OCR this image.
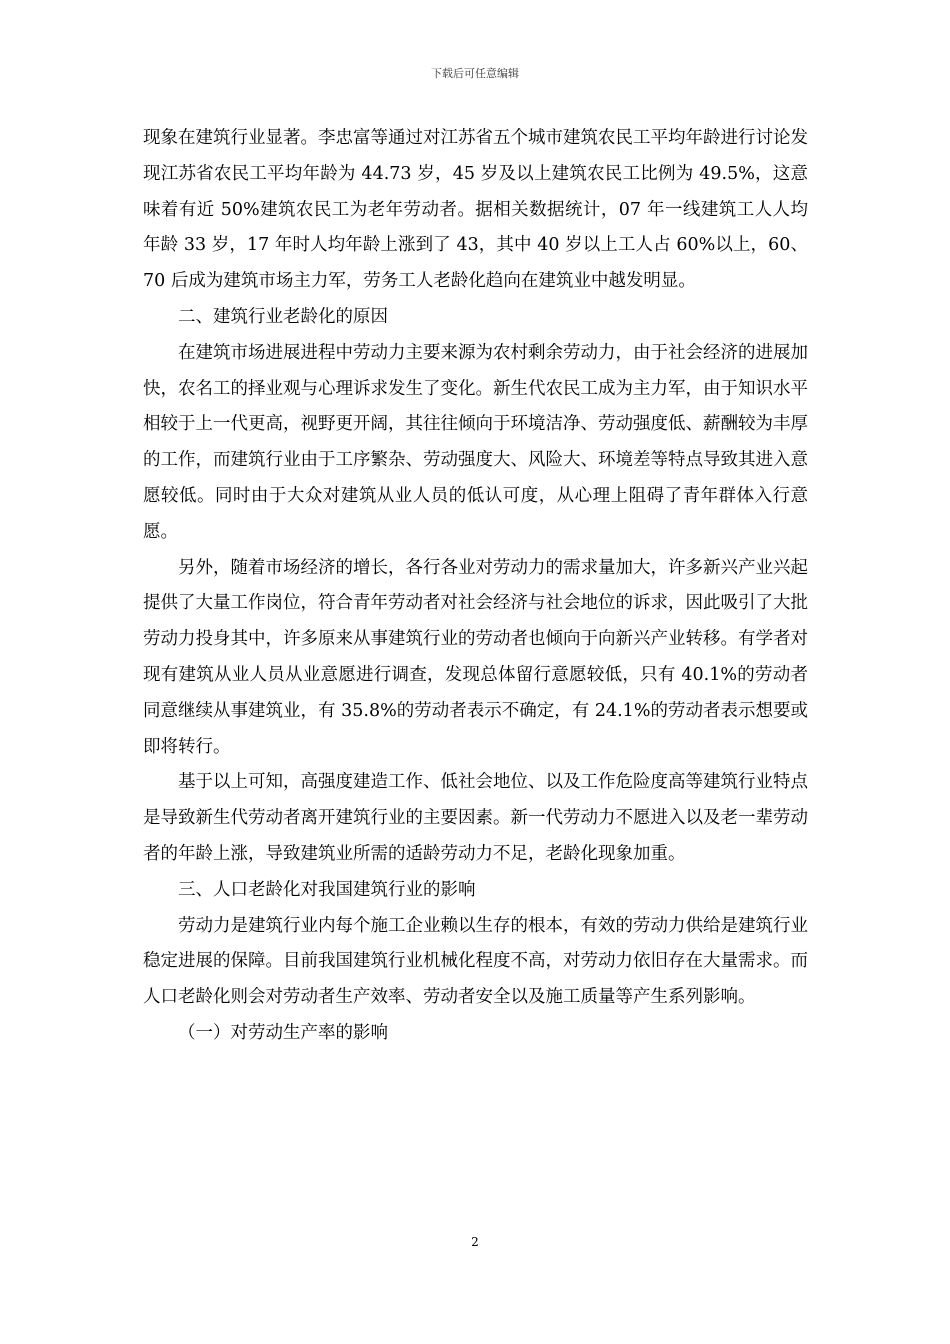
下载后可任意编辑

现象在建筑行业显著。李忠富等通过对江苏省五个城市建筑农民工平均年龄进行讨论发现江苏省农民工平均年龄为 44.73 岁，45 岁及以上建筑农民工比例为 49.5%，这意味着有近 50%建筑农民工为老年劳动者。据相关数据统计，07 年一线建筑工人人均年龄 33 岁，17 年时人均年龄上涨到了 43，其中 40 岁以上工人占 60%以上，60、70 后成为建筑市场主力军，劳务工人老龄化趋向在建筑业中越发明显。

二、建筑行业老龄化的原因

在建筑市场进展进程中劳动力主要来源为农村剩余劳动力，由于社会经济的进展加快，农名工的择业观与心理诉求发生了变化。新生代农民工成为主力军，由于知识水平相较于上一代更高，视野更开阔，其往往倾向于环境洁净、劳动强度低、薪酬较为丰厚的工作，而建筑行业由于工序繁杂、劳动强度大、风险大、环境差等特点导致其进入意愿较低。同时由于大众对建筑从业人员的低认可度，从心理上阻碍了青年群体入行意愿。

另外，随着市场经济的增长，各行各业对劳动力的需求量加大，许多新兴产业兴起提供了大量工作岗位，符合青年劳动者对社会经济与社会地位的诉求，因此吸引了大批劳动力投身其中，许多原来从事建筑行业的劳动者也倾向于向新兴产业转移。有学者对现有建筑从业人员从业意愿进行调查，发现总体留行意愿较低，只有 40.1%的劳动者同意继续从事建筑业，有 35.8%的劳动者表示不确定，有 24.1%的劳动者表示想要或即将转行。

基于以上可知，高强度建造工作、低社会地位、以及工作危险度高等建筑行业特点是导致新生代劳动者离开建筑行业的主要因素。新一代劳动力不愿进入以及老一辈劳动者的年龄上涨，导致建筑业所需的适龄劳动力不足，老龄化现象加重。

三、人口老龄化对我国建筑行业的影响

劳动力是建筑行业内每个施工企业赖以生存的根本，有效的劳动力供给是建筑行业稳定进展的保障。目前我国建筑行业机械化程度不高，对劳动力依旧存在大量需求。而人口老龄化则会对劳动者生产效率、劳动者安全以及施工质量等产生系列影响。

（一）对劳动生产率的影响

2
